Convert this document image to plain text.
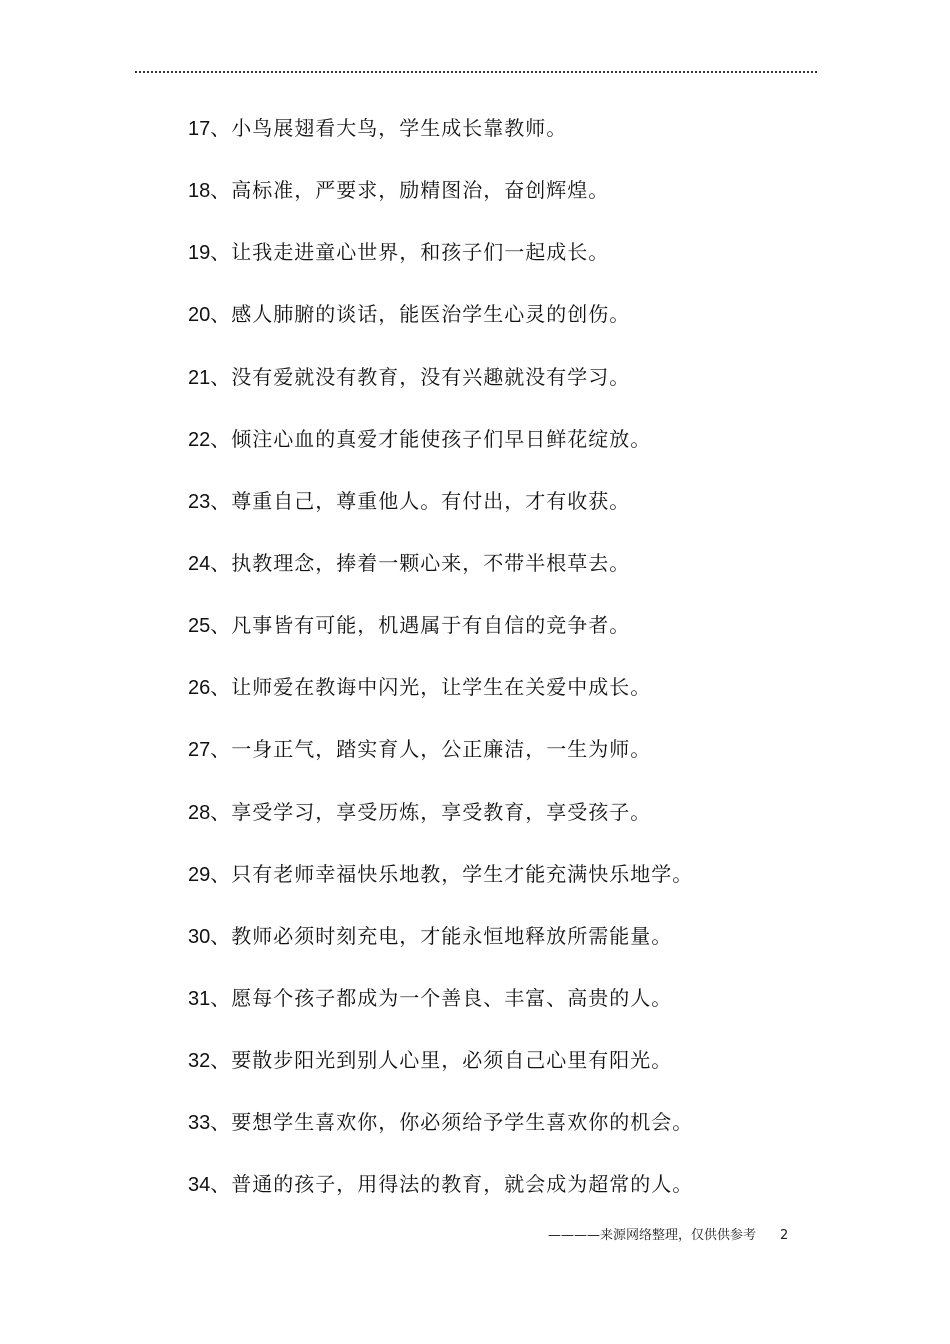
17、小鸟展翅看大鸟，学生成长靠教师。
18、高标准，严要求，励精图治，奋创辉煌。
19、让我走进童心世界，和孩子们一起成长。
20、感人肺腑的谈话，能医治学生心灵的创伤。
21、没有爱就没有教育，没有兴趣就没有学习。
22、倾注心血的真爱才能使孩子们早日鲜花绽放。
23、尊重自己，尊重他人。有付出，才有收获。
24、执教理念，捧着一颗心来，不带半根草去。
25、凡事皆有可能，机遇属于有自信的竞争者。
26、让师爱在教诲中闪光，让学生在关爱中成长。
27、一身正气，踏实育人，公正廉洁，一生为师。
28、享受学习，享受历炼，享受教育，享受孩子。
29、只有老师幸福快乐地教，学生才能充满快乐地学。
30、教师必须时刻充电，才能永恒地释放所需能量。
31、愿每个孩子都成为一个善良、丰富、高贵的人。
32、要散步阳光到别人心里，必须自己心里有阳光。
33、要想学生喜欢你，你必须给予学生喜欢你的机会。
34、普通的孩子，用得法的教育，就会成为超常的人。
————来源网络整理，仅供供参考 2
